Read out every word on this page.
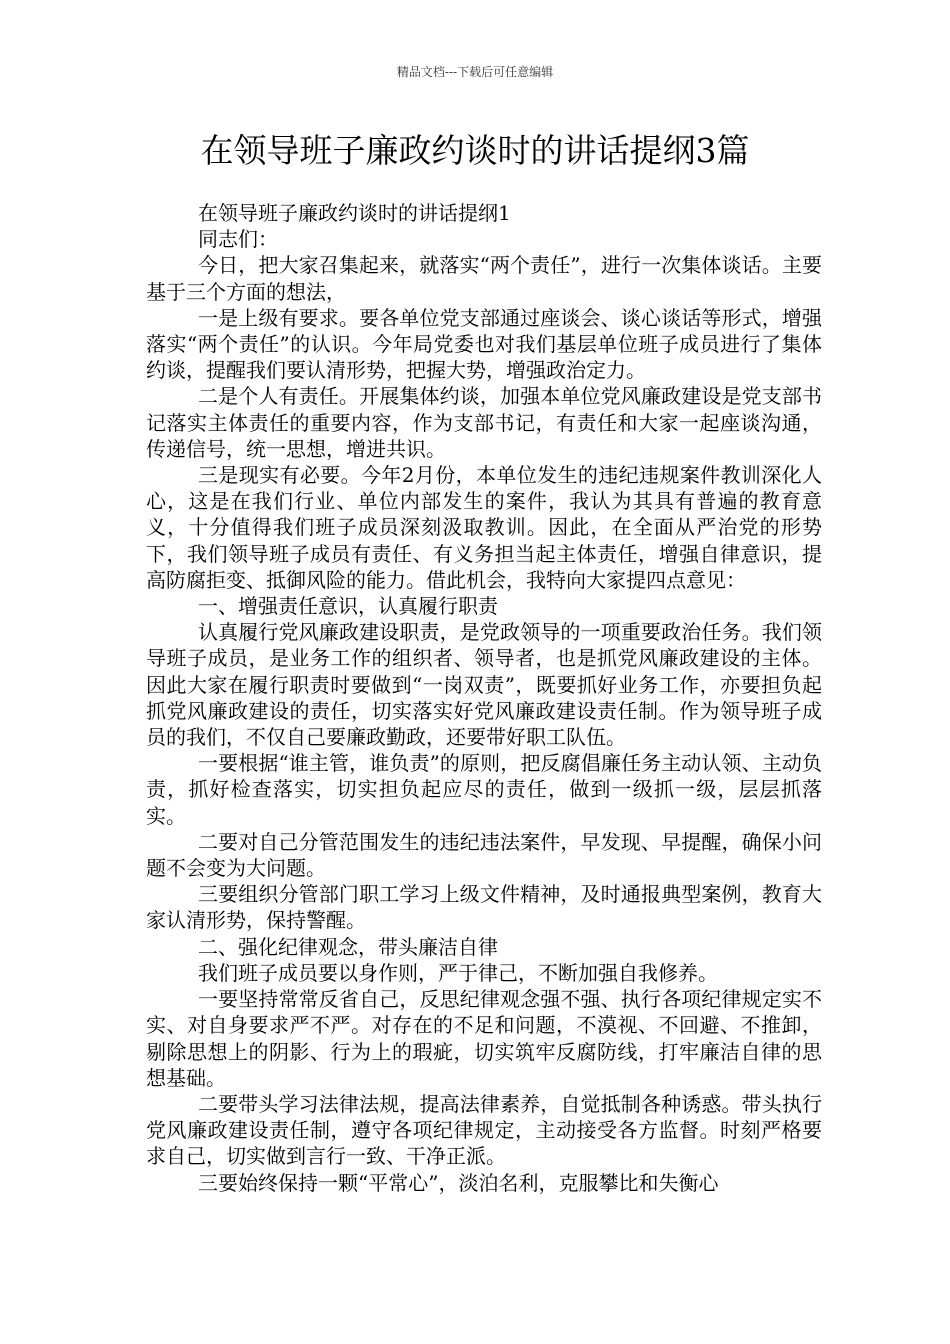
精品文档---下载后可任意编辑
在领导班子廉政约谈时的讲话提纲3篇

在领导班子廉政约谈时的讲话提纲1

同志们：

今日，把大家召集起来，就落实“两个责任”，进行一次集体谈话。主要基于三个方面的想法，

一是上级有要求。要各单位党支部通过座谈会、谈心谈话等形式，增强落实“两个责任”的认识。今年局党委也对我们基层单位班子成员进行了集体约谈，提醒我们要认清形势，把握大势，增强政治定力。

二是个人有责任。开展集体约谈，加强本单位党风廉政建设是党支部书记落实主体责任的重要内容，作为支部书记，有责任和大家一起座谈沟通，传递信号，统一思想，增进共识。

三是现实有必要。今年2月份，本单位发生的违纪违规案件教训深化人心，这是在我们行业、单位内部发生的案件，我认为其具有普遍的教育意义，十分值得我们班子成员深刻汲取教训。因此，在全面从严治党的形势下，我们领导班子成员有责任、有义务担当起主体责任，增强自律意识，提高防腐拒变、抵御风险的能力。借此机会，我特向大家提四点意见：

一、增强责任意识，认真履行职责

认真履行党风廉政建设职责，是党政领导的一项重要政治任务。我们领导班子成员，是业务工作的组织者、领导者，也是抓党风廉政建设的主体。因此大家在履行职责时要做到“一岗双责”，既要抓好业务工作，亦要担负起抓党风廉政建设的责任，切实落实好党风廉政建设责任制。作为领导班子成员的我们，不仅自己要廉政勤政，还要带好职工队伍。

一要根据“谁主管，谁负责”的原则，把反腐倡廉任务主动认领、主动负责，抓好检查落实，切实担负起应尽的责任，做到一级抓一级，层层抓落实。

二要对自己分管范围发生的违纪违法案件，早发现、早提醒，确保小问题不会变为大问题。

三要组织分管部门职工学习上级文件精神，及时通报典型案例，教育大家认清形势，保持警醒。

二、强化纪律观念，带头廉洁自律

我们班子成员要以身作则，严于律己，不断加强自我修养。

一要坚持常常反省自己，反思纪律观念强不强、执行各项纪律规定实不实、对自身要求严不严。对存在的不足和问题，不漠视、不回避、不推卸，剔除思想上的阴影、行为上的瑕疵，切实筑牢反腐防线，打牢廉洁自律的思想基础。

二要带头学习法律法规，提高法律素养，自觉抵制各种诱惑。带头执行党风廉政建设责任制，遵守各项纪律规定，主动接受各方监督。时刻严格要求自己，切实做到言行一致、干净正派。

三要始终保持一颗“平常心”，淡泊名利，克服攀比和失衡心
